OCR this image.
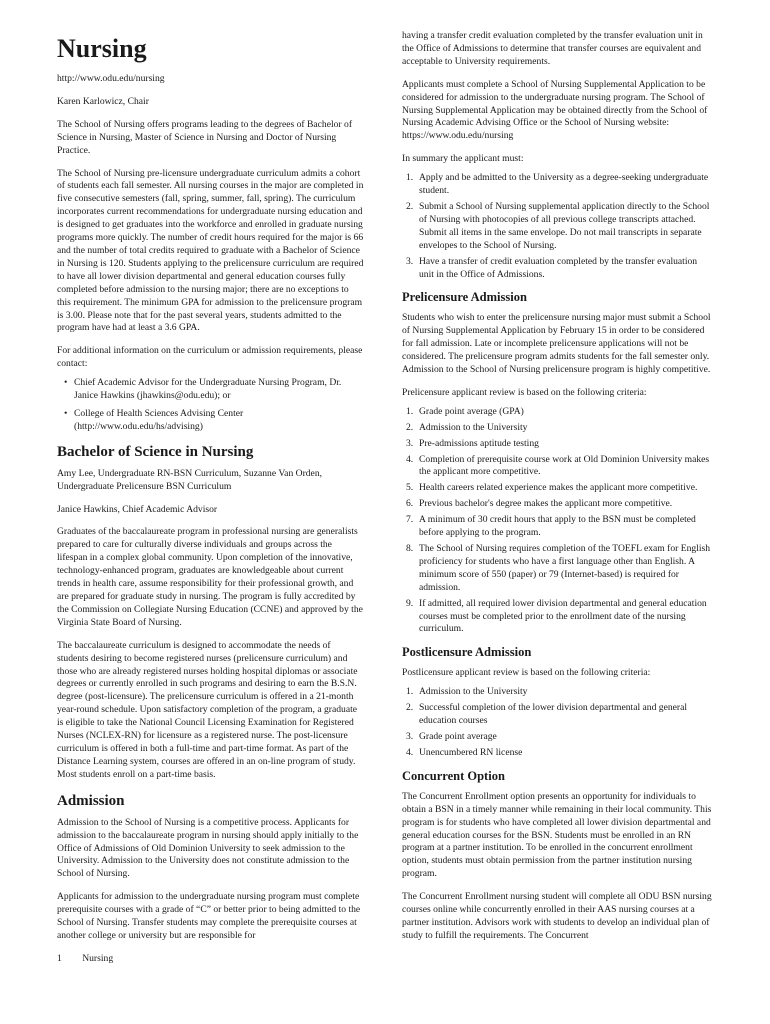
Nursing

http://www.odu.edu/nursing

Karen Karlowicz, Chair

The School of Nursing offers programs leading to the degrees of Bachelor of Science in Nursing, Master of Science in Nursing and Doctor of Nursing Practice.

The School of Nursing pre-licensure undergraduate curriculum admits a cohort of students each fall semester. All nursing courses in the major are completed in five consecutive semesters (fall, spring, summer, fall, spring). The curriculum incorporates current recommendations for undergraduate nursing education and is designed to get graduates into the workforce and enrolled in graduate nursing programs more quickly. The number of credit hours required for the major is 66 and the number of total credits required to graduate with a Bachelor of Science in Nursing is 120. Students applying to the prelicensure curriculum are required to have all lower division departmental and general education courses fully completed before admission to the nursing major; there are no exceptions to this requirement. The minimum GPA for admission to the prelicensure program is 3.00. Please note that for the past several years, students admitted to the program have had at least a 3.6 GPA.

For additional information on the curriculum or admission requirements, please contact:

• Chief Academic Advisor for the Undergraduate Nursing Program, Dr. Janice Hawkins (jhawkins@odu.edu); or
• College of Health Sciences Advising Center (http://www.odu.edu/hs/advising)
Bachelor of Science in Nursing

Amy Lee, Undergraduate RN-BSN Curriculum, Suzanne Van Orden, Undergraduate Prelicensure BSN Curriculum

Janice Hawkins, Chief Academic Advisor

Graduates of the baccalaureate program in professional nursing are generalists prepared to care for culturally diverse individuals and groups across the lifespan in a complex global community. Upon completion of the innovative, technology-enhanced program, graduates are knowledgeable about current trends in health care, assume responsibility for their professional growth, and are prepared for graduate study in nursing. The program is fully accredited by the Commission on Collegiate Nursing Education (CCNE) and approved by the Virginia State Board of Nursing.

The baccalaureate curriculum is designed to accommodate the needs of students desiring to become registered nurses (prelicensure curriculum) and those who are already registered nurses holding hospital diplomas or associate degrees or currently enrolled in such programs and desiring to earn the B.S.N. degree (post-licensure). The prelicensure curriculum is offered in a 21-month year-round schedule. Upon satisfactory completion of the program, a graduate is eligible to take the National Council Licensing Examination for Registered Nurses (NCLEX-RN) for licensure as a registered nurse. The post-licensure curriculum is offered in both a full-time and part-time format. As part of the Distance Learning system, courses are offered in an on-line program of study. Most students enroll on a part-time basis.

Admission

Admission to the School of Nursing is a competitive process. Applicants for admission to the baccalaureate program in nursing should apply initially to the Office of Admissions of Old Dominion University to seek admission to the University. Admission to the University does not constitute admission to the School of Nursing.

Applicants for admission to the undergraduate nursing program must complete prerequisite courses with a grade of “C” or better prior to being admitted to the School of Nursing. Transfer students may complete the prerequisite courses at another college or university but are responsible for

having a transfer credit evaluation completed by the transfer evaluation unit in the Office of Admissions to determine that transfer courses are equivalent and acceptable to University requirements.

Applicants must complete a School of Nursing Supplemental Application to be considered for admission to the undergraduate nursing program. The School of Nursing Supplemental Application may be obtained directly from the School of Nursing Academic Advising Office or the School of Nursing website: https://www.odu.edu/nursing

In summary the applicant must:

1. Apply and be admitted to the University as a degree-seeking undergraduate student.
2. Submit a School of Nursing supplemental application directly to the School of Nursing with photocopies of all previous college transcripts attached. Submit all items in the same envelope. Do not mail transcripts in separate envelopes to the School of Nursing.
3. Have a transfer of credit evaluation completed by the transfer evaluation unit in the Office of Admissions.
Prelicensure Admission

Students who wish to enter the prelicensure nursing major must submit a School of Nursing Supplemental Application by February 15 in order to be considered for fall admission. Late or incomplete prelicensure applications will not be considered. The prelicensure program admits students for the fall semester only. Admission to the School of Nursing prelicensure program is highly competitive.

Prelicensure applicant review is based on the following criteria:

1. Grade point average (GPA)
2. Admission to the University
3. Pre-admissions aptitude testing
4. Completion of prerequisite course work at Old Dominion University makes the applicant more competitive.
5. Health careers related experience makes the applicant more competitive.
6. Previous bachelor's degree makes the applicant more competitive.
7. A minimum of 30 credit hours that apply to the BSN must be completed before applying to the program.
8. The School of Nursing requires completion of the TOEFL exam for English proficiency for students who have a first language other than English. A minimum score of 550 (paper) or 79 (Internet-based) is required for admission.
9. If admitted, all required lower division departmental and general education courses must be completed prior to the enrollment date of the nursing curriculum.
Postlicensure Admission

Postlicensure applicant review is based on the following criteria:

1. Admission to the University
2. Successful completion of the lower division departmental and general education courses
3. Grade point average
4. Unencumbered RN license
Concurrent Option

The Concurrent Enrollment option presents an opportunity for individuals to obtain a BSN in a timely manner while remaining in their local community. This program is for students who have completed all lower division departmental and general education courses for the BSN. Students must be enrolled in an RN program at a partner institution. To be enrolled in the concurrent enrollment option, students must obtain permission from the partner institution nursing program.

The Concurrent Enrollment nursing student will complete all ODU BSN nursing courses online while concurrently enrolled in their AAS nursing courses at a partner institution. Advisors work with students to develop an individual plan of study to fulfill the requirements. The Concurrent

1 Nursing
